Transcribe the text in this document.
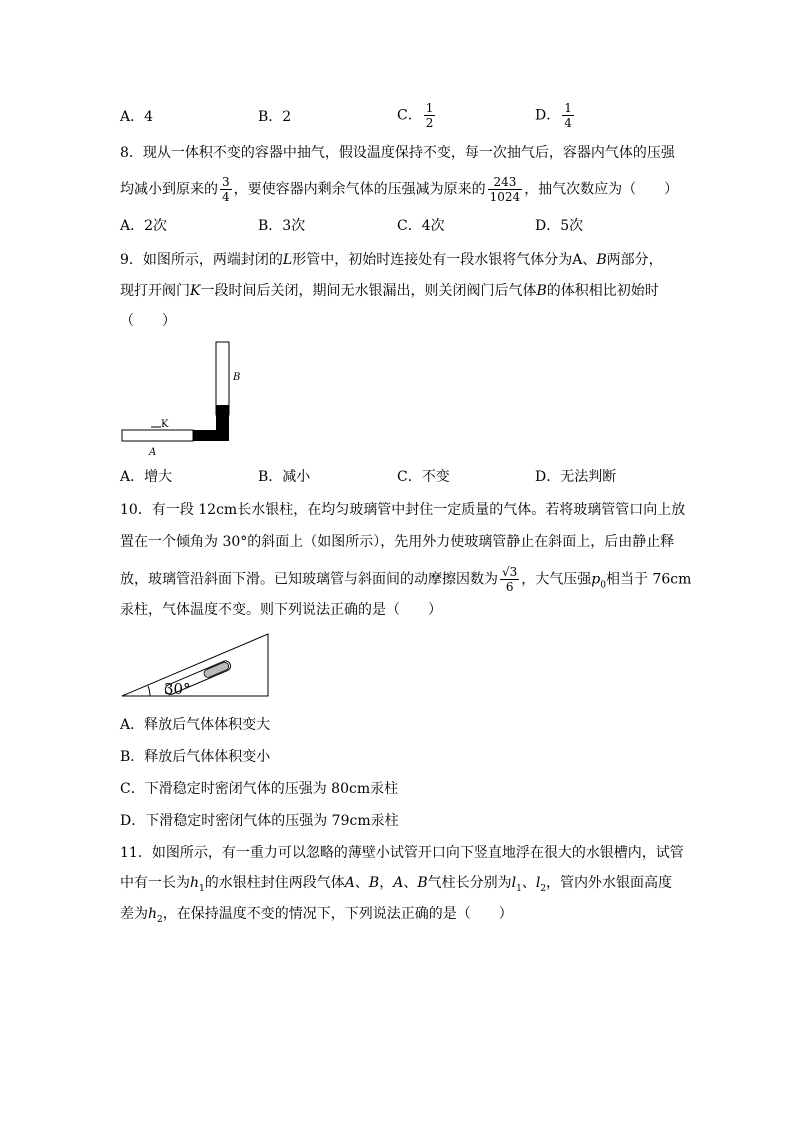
A．4	B．2	C． $\frac{1}{2}$	D． $\frac{1}{4}$
8．现从一体积不变的容器中抽气，假设温度保持不变，每一次抽气后，容器内气体的压强
均减小到原来的 $\frac{3}{4}$ ，要使容器内剩余气体的压强减为原来的 $\frac{243}{1024}$ ，抽气次数应为（　　）
A．2次	B．3次	C．4次	D．5次
9．如图所示，两端封闭的L形管中，初始时连接处有一段水银将气体分为A、B两部分，
现打开阀门K一段时间后关闭，期间无水银漏出，则关闭阀门后气体B的体积相比初始时
（　　）
B
K
A
A．增大	B．减小	C．不变	D．无法判断
10．有一段 12cm长水银柱，在均匀玻璃管中封住一定质量的气体。若将玻璃管管口向上放
置在一个倾角为 30°的斜面上（如图所示），先用外力使玻璃管静止在斜面上，后由静止释
放，玻璃管沿斜面下滑。已知玻璃管与斜面间的动摩擦因数为 $\frac{√3}{6}$ ，大气压强$p_0$相当于 76cm
汞柱，气体温度不变。则下列说法正确的是（　　）
30°
A．释放后气体体积变大
B．释放后气体体积变小
C．下滑稳定时密闭气体的压强为 80cm汞柱
D．下滑稳定时密闭气体的压强为 79cm汞柱
11．如图所示，有一重力可以忽略的薄壁小试管开口向下竖直地浮在很大的水银槽内，试管
中有一长为$h_1$的水银柱封住两段气体A、B，A、B气柱长分别为$l_1$、$l_2$，管内外水银面高度
差为$h_2$，在保持温度不变的情况下，下列说法正确的是（　　）
